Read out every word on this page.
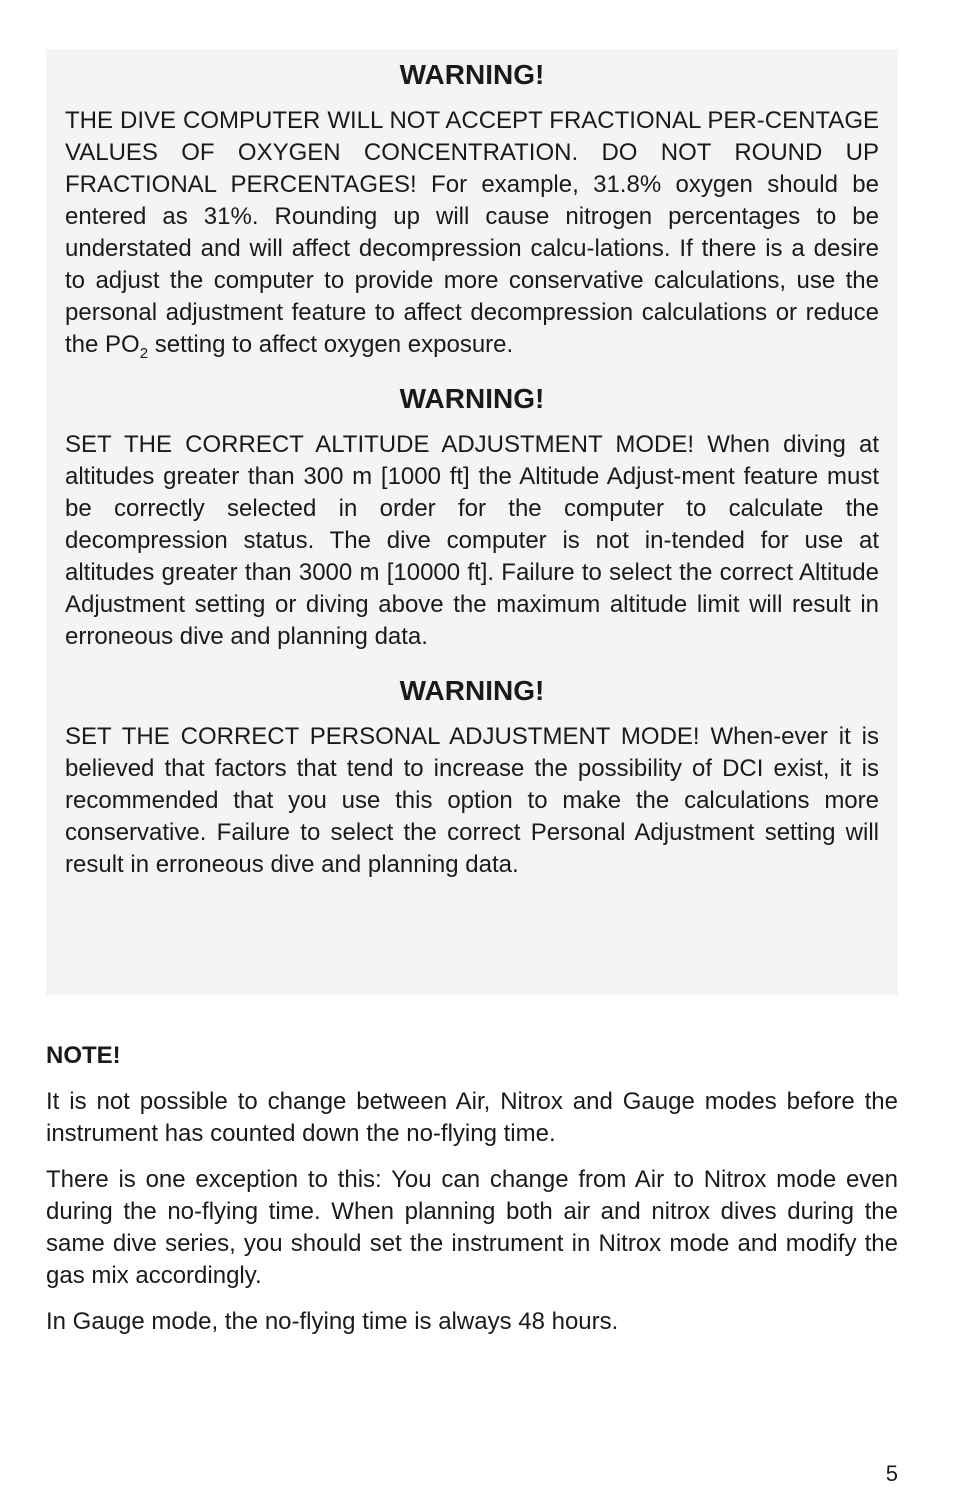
WARNING!

THE DIVE COMPUTER WILL NOT ACCEPT FRACTIONAL PER-CENTAGE VALUES OF OXYGEN CONCENTRATION. DO NOT ROUND UP FRACTIONAL PERCENTAGES! For example, 31.8% oxygen should be entered as 31%. Rounding up will cause nitrogen percentages to be understated and will affect decompression calcu-lations. If there is a desire to adjust the computer to provide more conservative calculations, use the personal adjustment feature to affect decompression calculations or reduce the $PO_2$ setting to affect oxygen exposure.

WARNING!

SET THE CORRECT ALTITUDE ADJUSTMENT MODE! When diving at altitudes greater than 300 m [1000 ft] the Altitude Adjust-ment feature must be correctly selected in order for the computer to calculate the decompression status. The dive computer is not in-tended for use at altitudes greater than 3000 m [10000 ft]. Failure to select the correct Altitude Adjustment setting or diving above the maximum altitude limit will result in erroneous dive and planning data.

WARNING!

SET THE CORRECT PERSONAL ADJUSTMENT MODE! When-ever it is believed that factors that tend to increase the possibility of DCI exist, it is recommended that you use this option to make the calculations more conservative. Failure to select the correct Personal Adjustment setting will result in erroneous dive and planning data.

NOTE!

It is not possible to change between Air, Nitrox and Gauge modes before the instrument has counted down the no-flying time.

There is one exception to this: You can change from Air to Nitrox mode even during the no-flying time. When planning both air and nitrox dives during the same dive series, you should set the instrument in Nitrox mode and modify the gas mix accordingly.

In Gauge mode, the no-flying time is always 48 hours.

5
